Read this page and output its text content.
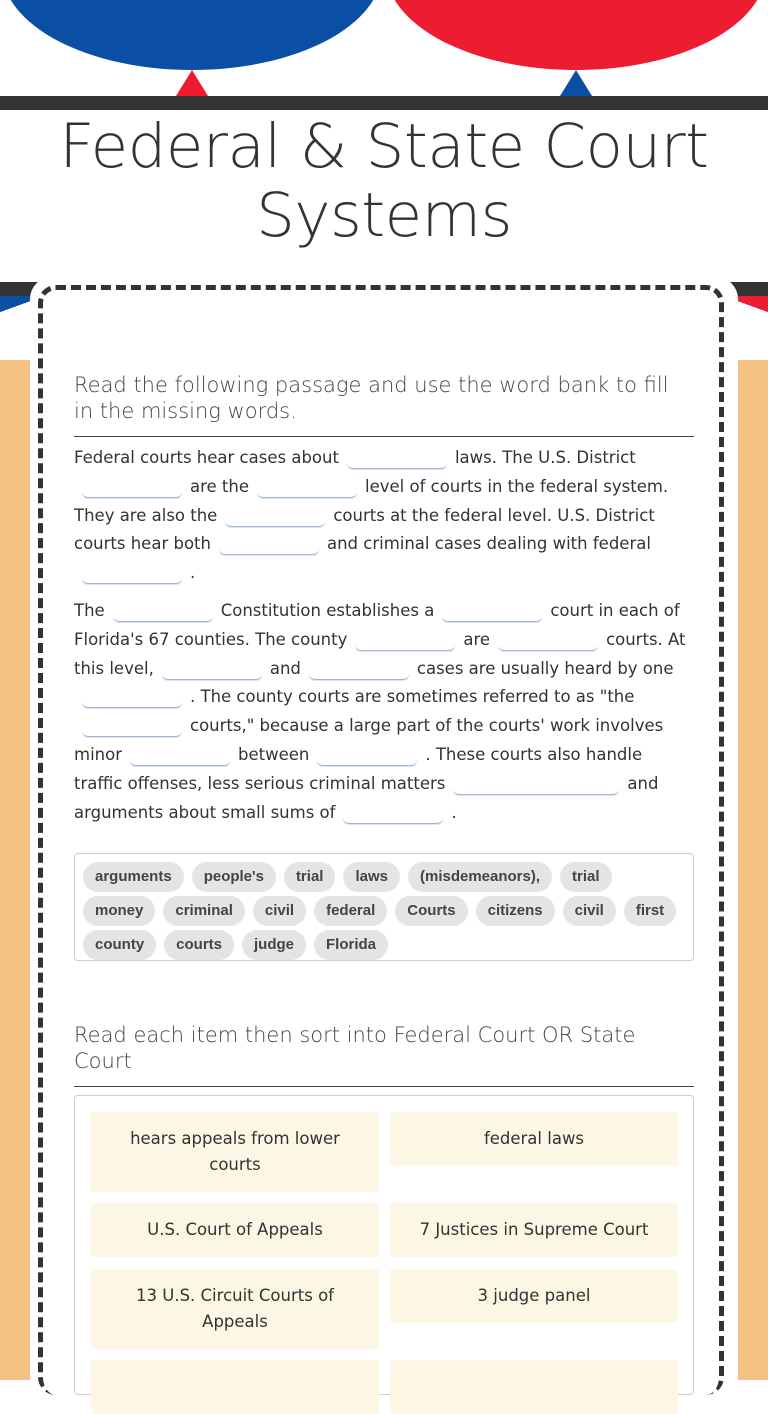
Federal & State Court Systems
Read the following passage and use the word bank to fill in the missing words.

Federal courts hear cases about	laws. The U.S. District are the	level of courts in the federal system. They are also the	courts at the federal level. U.S. District courts hear both	and criminal cases dealing with federal .

The	Constitution establishes a	court in each of Florida's 67 counties. The county	are	courts. At this level,	and	cases are usually heard by one . The county courts are sometimes referred to as "the courts," because a large part of the courts' work involves minor	between	. These courts also handle traffic offenses, less serious criminal matters	and arguments about small sums of	.

arguments	people's	trial	laws	(misdemeanors),	trial
money	criminal	civil	federal	Courts	citizens	civil	first
county	courts	judge	Florida
Read each item then sort into Federal Court OR State Court
hears appeals from lower courts
federal laws
U.S. Court of Appeals	7 Justices in Supreme Court
13 U.S. Circuit Courts of Appeals
3 judge panel
